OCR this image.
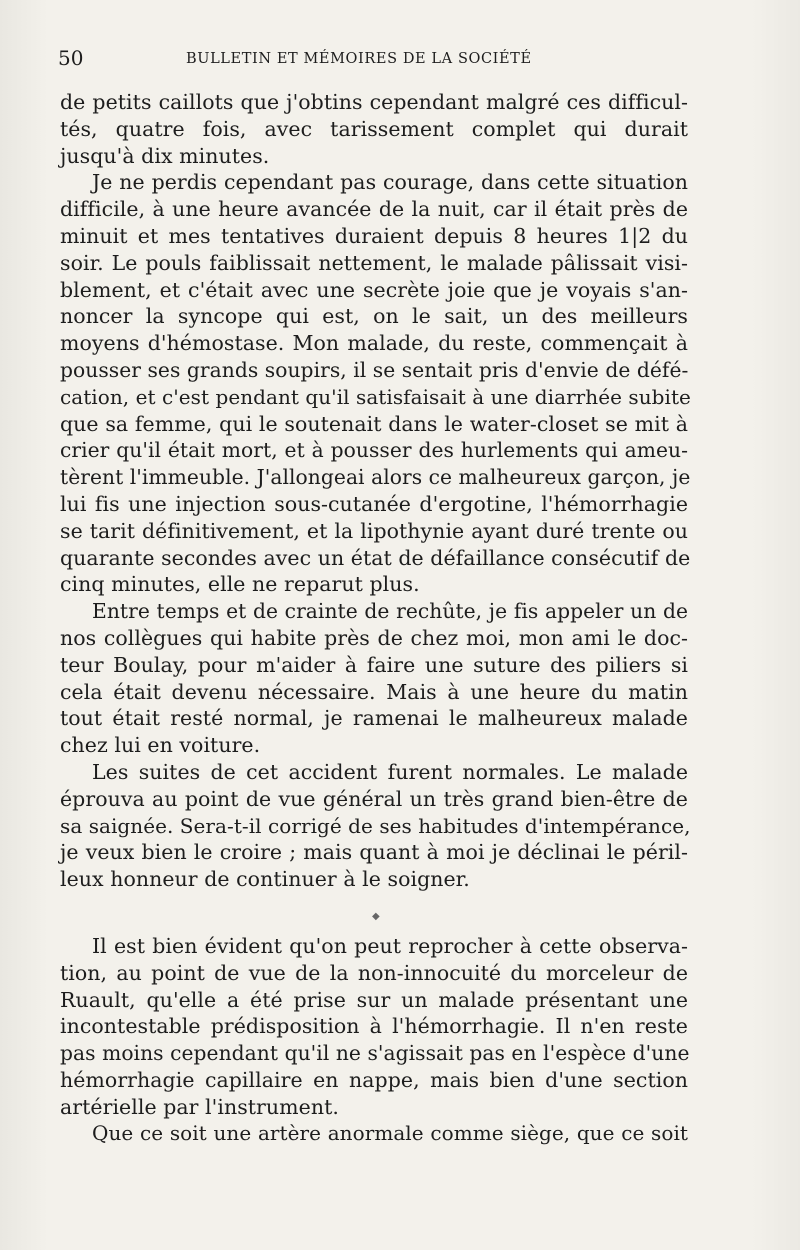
50	BULLETIN ET MÉMOIRES DE LA SOCIÉTÉ
de petits caillots que j'obtins cependant malgré ces difficul-
tés, quatre fois, avec tarissement complet qui durait
jusqu'à dix minutes.
Je ne perdis cependant pas courage, dans cette situation
difficile, à une heure avancée de la nuit, car il était près de
minuit et mes tentatives duraient depuis 8 heures 1|2 du
soir. Le pouls faiblissait nettement, le malade pâlissait visi-
blement, et c'était avec une secrète joie que je voyais s'an-
noncer la syncope qui est, on le sait, un des meilleurs
moyens d'hémostase. Mon malade, du reste, commençait à
pousser ses grands soupirs, il se sentait pris d'envie de défé-
cation, et c'est pendant qu'il satisfaisait à une diarrhée subite
que sa femme, qui le soutenait dans le water-closet se mit à
crier qu'il était mort, et à pousser des hurlements qui ameu-
tèrent l'immeuble. J'allongeai alors ce malheureux garçon, je
lui fis une injection sous-cutanée d'ergotine, l'hémorrhagie
se tarit définitivement, et la lipothynie ayant duré trente ou
quarante secondes avec un état de défaillance consécutif de
cinq minutes, elle ne reparut plus.
Entre temps et de crainte de rechûte, je fis appeler un de
nos collègues qui habite près de chez moi, mon ami le doc-
teur Boulay, pour m'aider à faire une suture des piliers si
cela était devenu nécessaire. Mais à une heure du matin
tout était resté normal, je ramenai le malheureux malade
chez lui en voiture.
Les suites de cet accident furent normales. Le malade
éprouva au point de vue général un très grand bien-être de
sa saignée. Sera-t-il corrigé de ses habitudes d'intempérance,
je veux bien le croire ; mais quant à moi je déclinai le péril-
leux honneur de continuer à le soigner.
◆
Il est bien évident qu'on peut reprocher à cette observa-
tion, au point de vue de la non-innocuité du morceleur de
Ruault, qu'elle a été prise sur un malade présentant une
incontestable prédisposition à l'hémorrhagie. Il n'en reste
pas moins cependant qu'il ne s'agissait pas en l'espèce d'une
hémorrhagie capillaire en nappe, mais bien d'une section
artérielle par l'instrument.
Que ce soit une artère anormale comme siège, que ce soit
